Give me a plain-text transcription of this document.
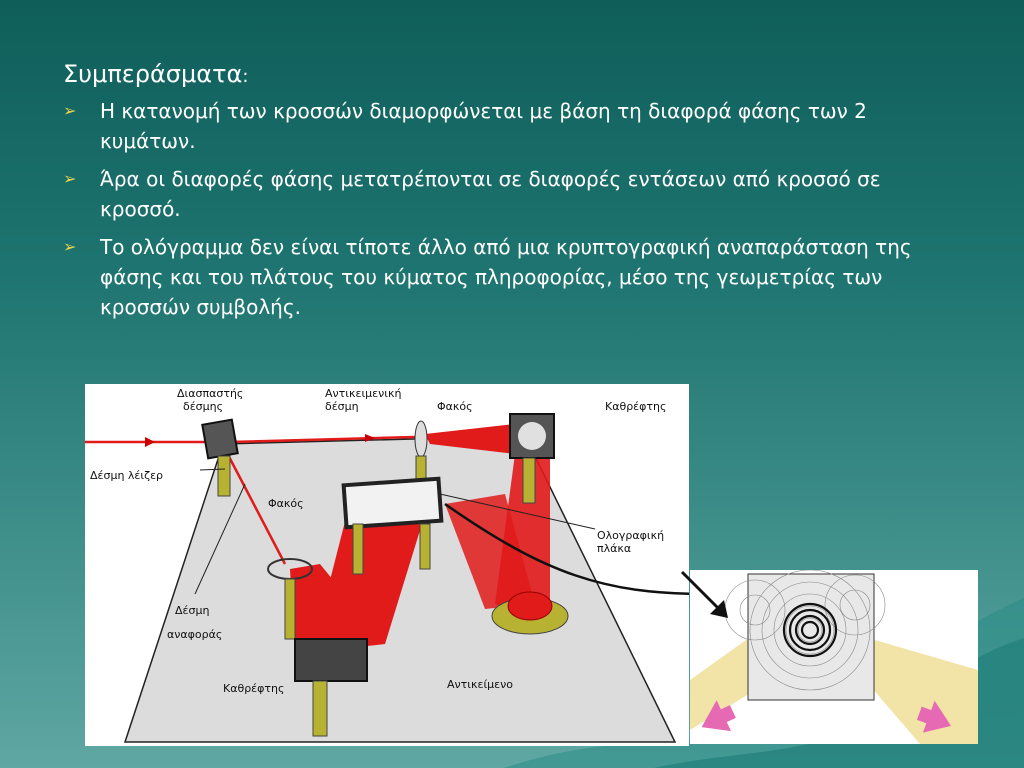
Συμπεράσματα:
➢ Η κατανομή των κροσσών διαμορφώνεται με βάση τη διαφορά φάσης των 2 κυμάτων.
➢ Άρα οι διαφορές φάσης μετατρέπονται σε διαφορές εντάσεων από κροσσό σε κροσσό.
➢ Το ολόγραμμα δεν είναι τίποτε άλλο από μια κρυπτογραφική αναπαράσταση της φάσης και του πλάτους του κύματος πληροφορίας, μέσο της γεωμετρίας των κροσσών συμβολής.
Διασπαστής
δέσμης
Αντικειμενική
δέσμη	Φακός	Καθρέφτης
Δέσμη λέιζερ
Φακός
Ολογραφική
πλάκα
Δέσμη
αναφοράς
Καθρέφτης	Αντικείμενο
